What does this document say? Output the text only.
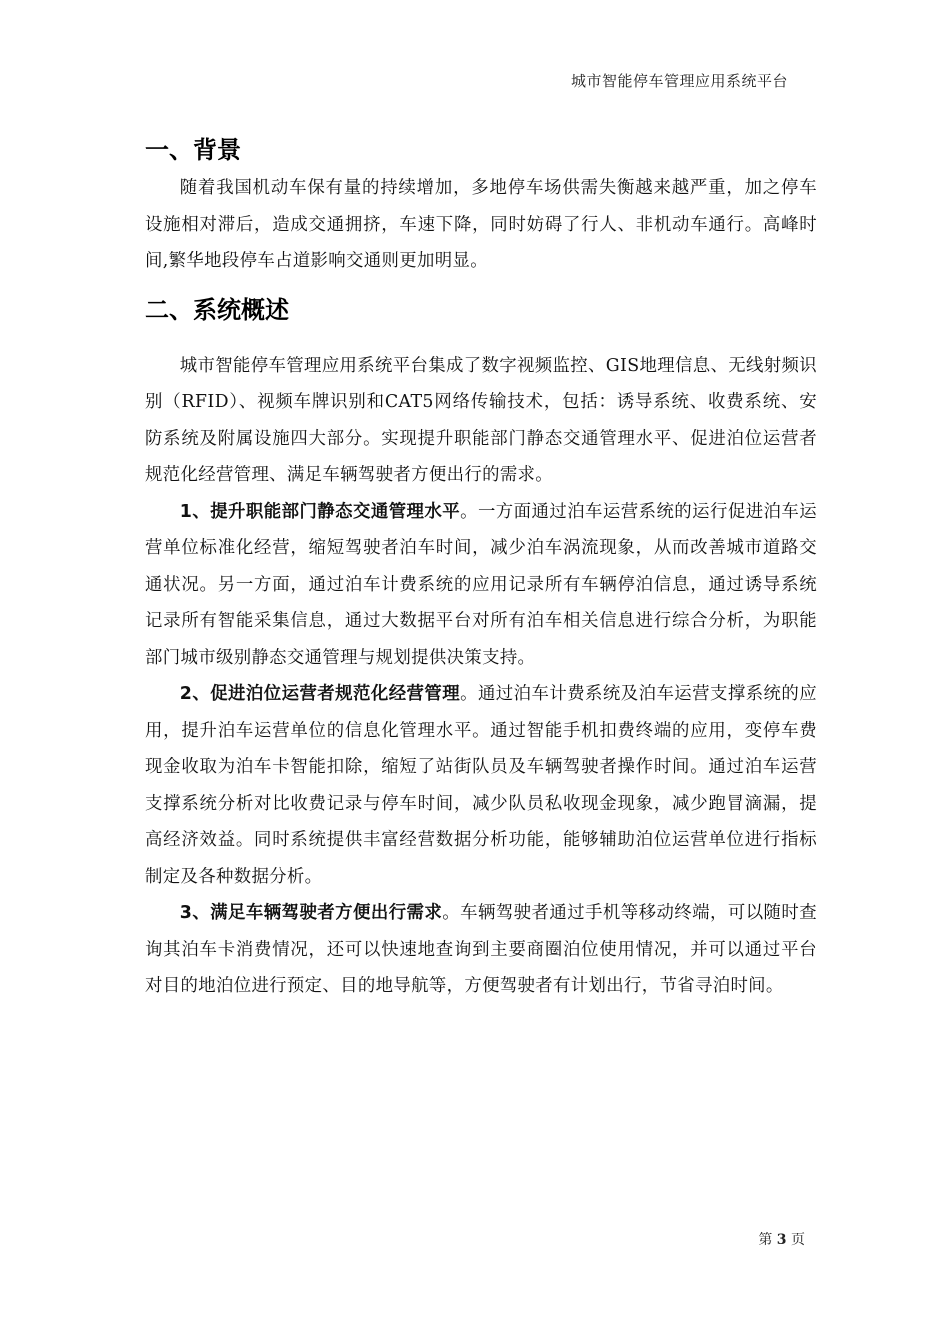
城市智能停车管理应用系统平台
一、背景

随着我国机动车保有量的持续增加，多地停车场供需失衡越来越严重，加之停车设施相对滞后，造成交通拥挤，车速下降，同时妨碍了行人、非机动车通行。高峰时间,繁华地段停车占道影响交通则更加明显。

二、系统概述

城市智能停车管理应用系统平台集成了数字视频监控、GIS地理信息、无线射频识别（RFID）、视频车牌识别和CAT5网络传输技术，包括：诱导系统、收费系统、安防系统及附属设施四大部分。实现提升职能部门静态交通管理水平、促进泊位运营者规范化经营管理、满足车辆驾驶者方便出行的需求。

1、提升职能部门静态交通管理水平。一方面通过泊车运营系统的运行促进泊车运营单位标准化经营，缩短驾驶者泊车时间，减少泊车涡流现象，从而改善城市道路交通状况。另一方面，通过泊车计费系统的应用记录所有车辆停泊信息，通过诱导系统记录所有智能采集信息，通过大数据平台对所有泊车相关信息进行综合分析，为职能部门城市级别静态交通管理与规划提供决策支持。

2、促进泊位运营者规范化经营管理。通过泊车计费系统及泊车运营支撑系统的应用，提升泊车运营单位的信息化管理水平。通过智能手机扣费终端的应用，变停车费现金收取为泊车卡智能扣除，缩短了站街队员及车辆驾驶者操作时间。通过泊车运营支撑系统分析对比收费记录与停车时间，减少队员私收现金现象，减少跑冒滴漏，提高经济效益。同时系统提供丰富经营数据分析功能，能够辅助泊位运营单位进行指标制定及各种数据分析。

3、满足车辆驾驶者方便出行需求。车辆驾驶者通过手机等移动终端，可以随时查询其泊车卡消费情况，还可以快速地查询到主要商圈泊位使用情况，并可以通过平台对目的地泊位进行预定、目的地导航等，方便驾驶者有计划出行，节省寻泊时间。

第 3 页
